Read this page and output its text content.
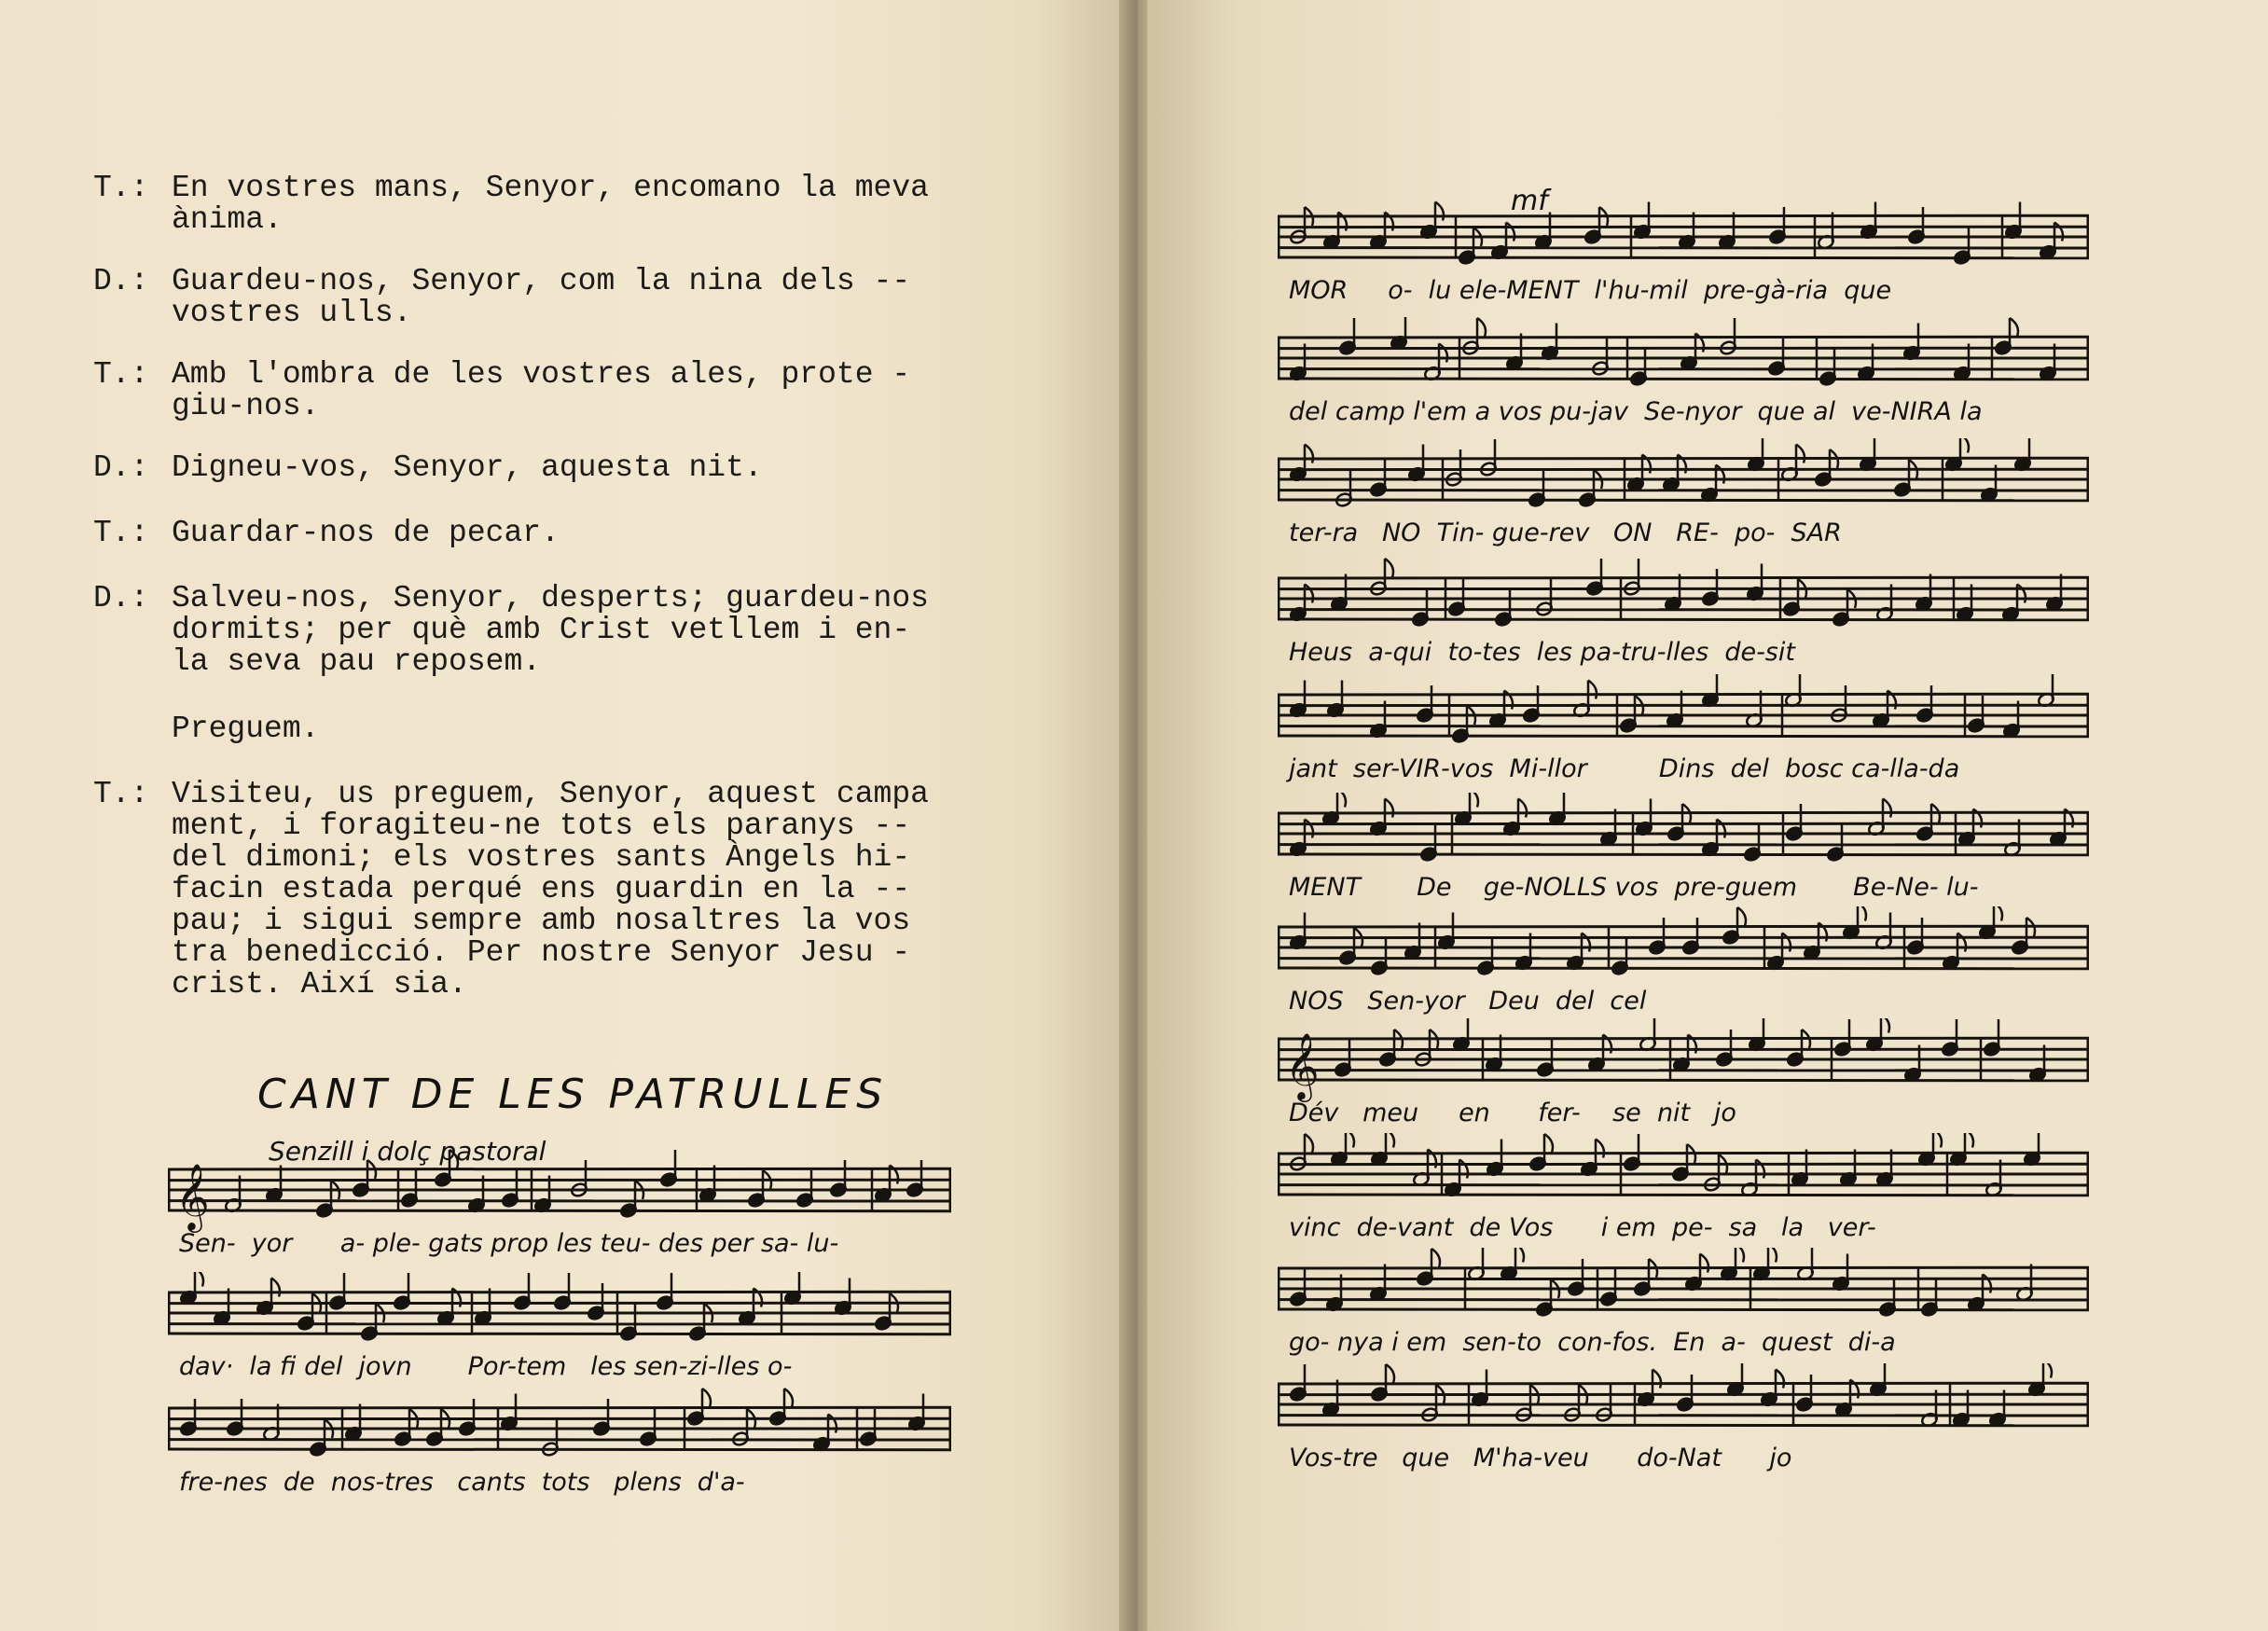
T.: En vostres mans, Senyor, encomano la meva
ànima.
D.: Guardeu-nos, Senyor, com la nina dels --
vostres ulls.
T.: Amb l'ombra de les vostres ales, prote -
giu-nos.
D.: Digneu-vos, Senyor, aquesta nit.
T.: Guardar-nos de pecar.
D.: Salveu-nos, Senyor, desperts; guardeu-nos
dormits; per què amb Crist vetllem i en-
la seva pau reposem.
Preguem.
T.: Visiteu, us preguem, Senyor, aquest campa
ment, i foragiteu-ne tots els paranys --
del dimoni; els vostres sants Àngels hi-
facin estada perqué ens guardin en la --
pau; i sigui sempre amb nosaltres la vos
tra benedicció. Per nostre Senyor Jesu -
crist. Així sia.
CANT DE LES PATRULLES
Senzill i dolç pastoral
𝄞
Sen-  yor      a- ple- gats prop les teu- des per sa- lu-
dav·  la fi del  jovn       Por-tem   les sen-zi-lles o-
fre-nes  de  nos-tres   cants  tots   plens  d'a-
mf
MOR     o-  lu ele-MENT  l'hu-mil  pre-gà-ria  que
del camp l'em a vos pu-jav  Se-nyor  que al  ve-NIRA la
ter-ra   NO  Tin- gue-rev   ON   RE-  po-  SAR
Heus  a-qui  to-tes  les pa-tru-lles  de-sit
jant  ser-VIR-vos  Mi-llor         Dins  del  bosc ca-lla-da
MENT       De    ge-NOLLS vos  pre-guem       Be-Ne- lu-
NOS   Sen-yor   Deu  del  cel
𝄞
Dév   meu     en      fer-    se  nit   jo
vinc  de-vant  de Vos      i em  pe-  sa   la   ver-
go- nya i em  sen-to  con-fos.  En  a-  quest  di-a
Vos-tre   que   M'ha-veu      do-Nat      jo
